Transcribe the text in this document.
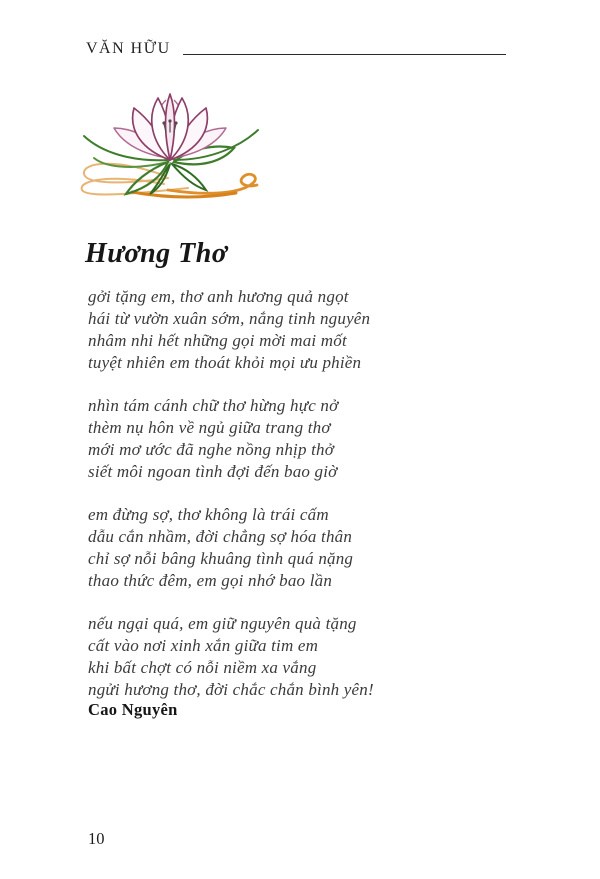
VĂN HỮU
Hương Thơ
gởi tặng em, thơ anh hương quả ngọt
hái từ vườn xuân sớm, nắng tinh nguyên
nhâm nhi hết những gọi mời mai mốt
tuyệt nhiên em thoát khỏi mọi ưu phiền
nhìn tám cánh chữ thơ hừng hực nở
thèm nụ hôn về ngủ giữa trang thơ
mới mơ ước đã nghe nồng nhịp thở
siết môi ngoan tình đợi đến bao giờ
em đừng sợ, thơ không là trái cấm
dẫu cắn nhầm, đời chẳng sợ hóa thân
chỉ sợ nỗi bâng khuâng tình quá nặng
thao thức đêm, em gọi nhớ bao lần
nếu ngại quá, em giữ nguyên quà tặng
cất vào nơi xinh xắn giữa tim em
khi bất chợt có nỗi niềm xa vắng
ngửi hương thơ, đời chắc chắn bình yên!
Cao Nguyên
10
